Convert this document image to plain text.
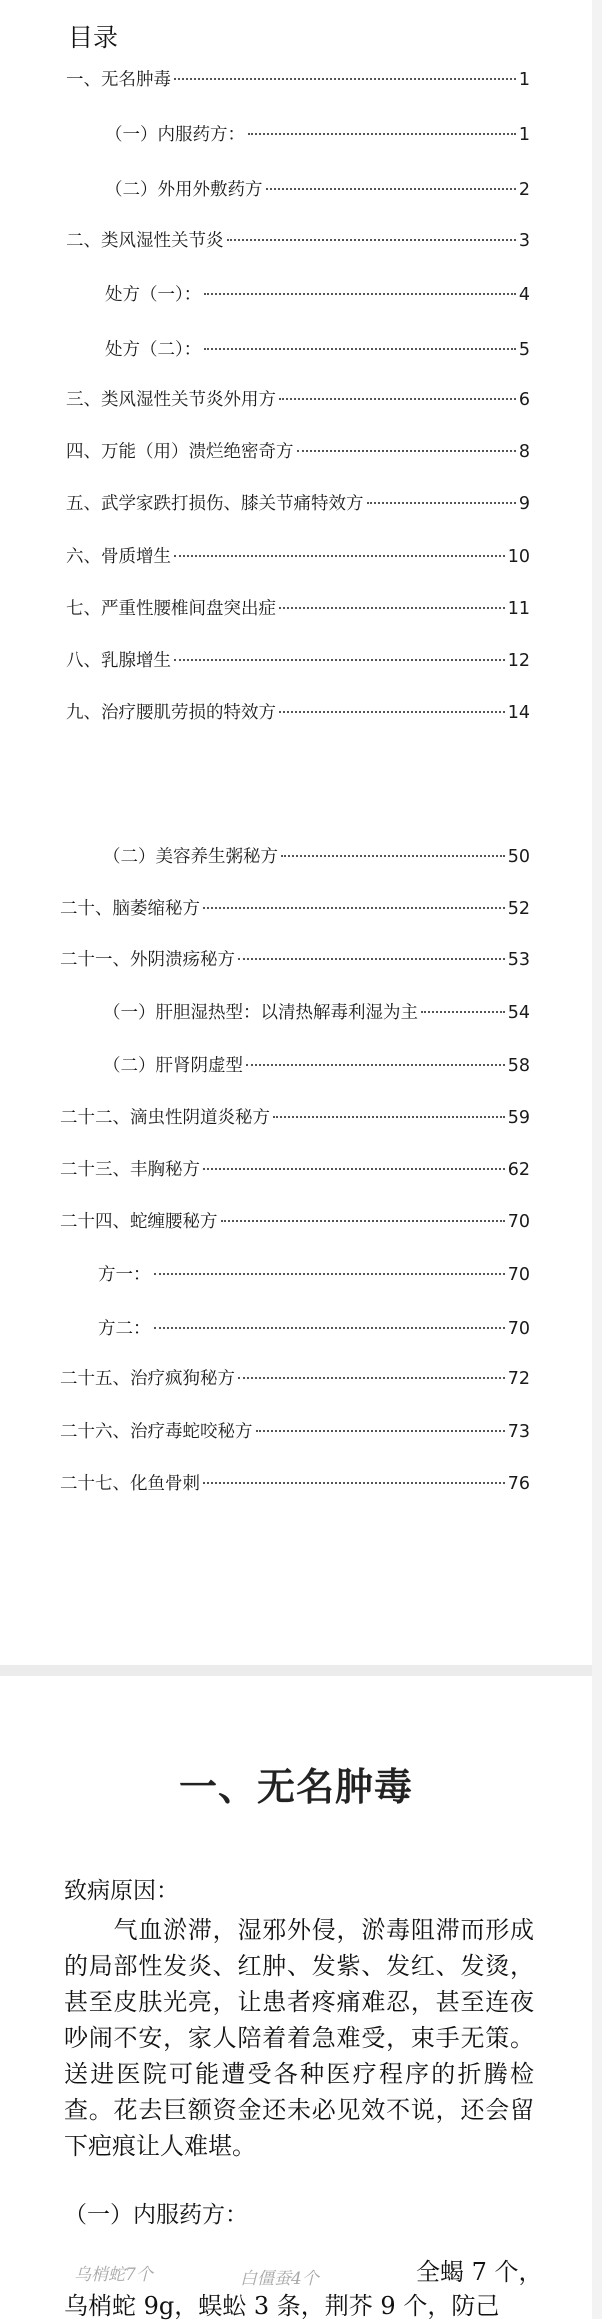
目录
一、无名肿毒	1
（一）内服药方：	1
（二）外用外敷药方	2
二、类风湿性关节炎	3
处方（一）：	4
处方（二）：	5
三、类风湿性关节炎外用方	6
四、万能（用）溃烂绝密奇方	8
五、武学家跌打损伤、膝关节痛特效方	9
六、骨质增生	10
七、严重性腰椎间盘突出症	11
八、乳腺增生	12
九、治疗腰肌劳损的特效方	14
（二）美容养生粥秘方	50
二十、脑萎缩秘方	52
二十一、外阴溃疡秘方	53
（一）肝胆湿热型：以清热解毒利湿为主	54
（二）肝肾阴虚型	58
二十二、滴虫性阴道炎秘方	59
二十三、丰胸秘方	62
二十四、蛇缠腰秘方	70
方一：	70
方二：	70
二十五、治疗疯狗秘方	72
二十六、治疗毒蛇咬秘方	73
二十七、化鱼骨刺	76
一、无名肿毒
致病原因：
　　气血淤滞，湿邪外侵，淤毒阻滞而形成的局部性发炎、红肿、发紫、发红、发烫，甚至皮肤光亮，让患者疼痛难忍，甚至连夜吵闹不安，家人陪着着急难受，束手无策。送进医院可能遭受各种医疗程序的折腾检查。花去巨额资金还未必见效不说，还会留下疤痕让人难堪。
（一）内服药方：
乌梢蛇7个	白僵蚕4个	全蝎 7 个，
乌梢蛇 9g，蜈蚣 3 条，荆芥 9 个，防己
